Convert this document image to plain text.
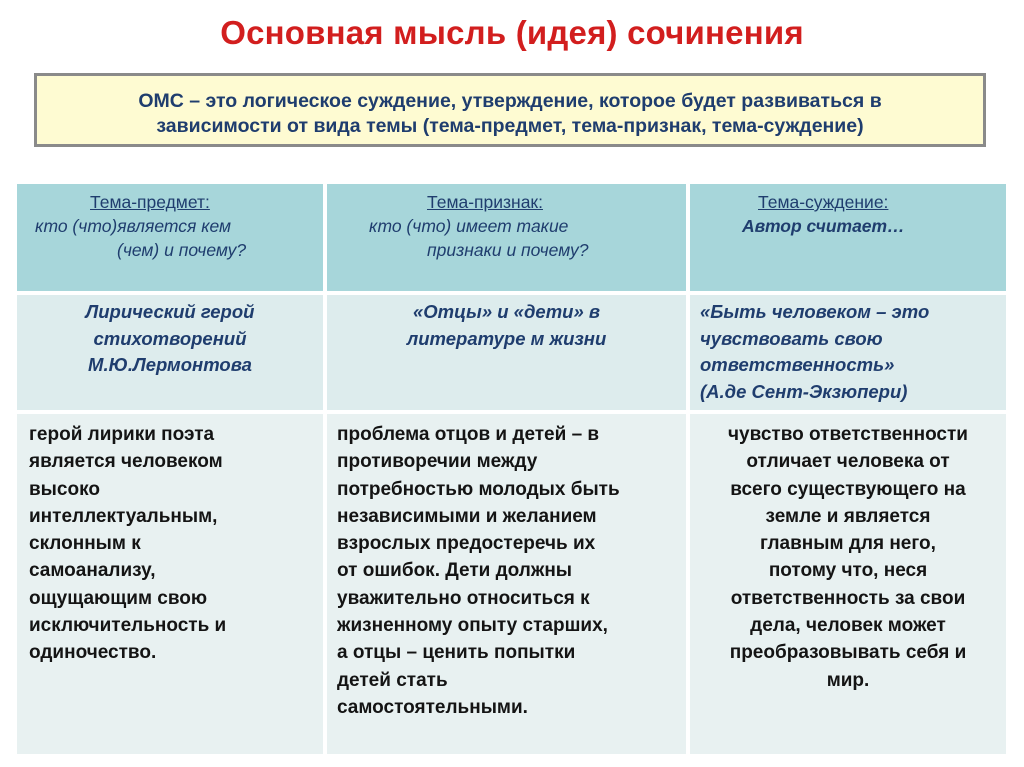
Основная мысль (идея) сочинения
ОМС – это логическое суждение, утверждение, которое будет развиваться в
зависимости от вида темы (тема-предмет, тема-признак, тема-суждение)
Тема-предмет:
кто (что)является кем
(чем) и почему?
Тема-признак:
кто (что) имеет такие
признаки и почему?
Тема-суждение:
Автор считает…
Лирический герой
стихотворений
М.Ю.Лермонтова
«Отцы» и «дети» в
литературе м жизни
«Быть человеком – это
чувствовать свою
ответственность»
(А.де Сент-Экзюпери)
герой лирики поэта
является человеком
высоко
интеллектуальным,
склонным к
самоанализу,
ощущающим свою
исключительность и
одиночество.
проблема отцов и детей – в
противоречии между
потребностью молодых быть
независимыми и желанием
взрослых предостеречь их
от ошибок. Дети должны
уважительно относиться к
жизненному опыту старших,
а отцы – ценить попытки
детей стать
самостоятельными.
чувство ответственности
отличает человека от
всего существующего на
земле и является
главным для него,
потому что, неся
ответственность за свои
дела, человек может
преобразовывать себя и
мир.
